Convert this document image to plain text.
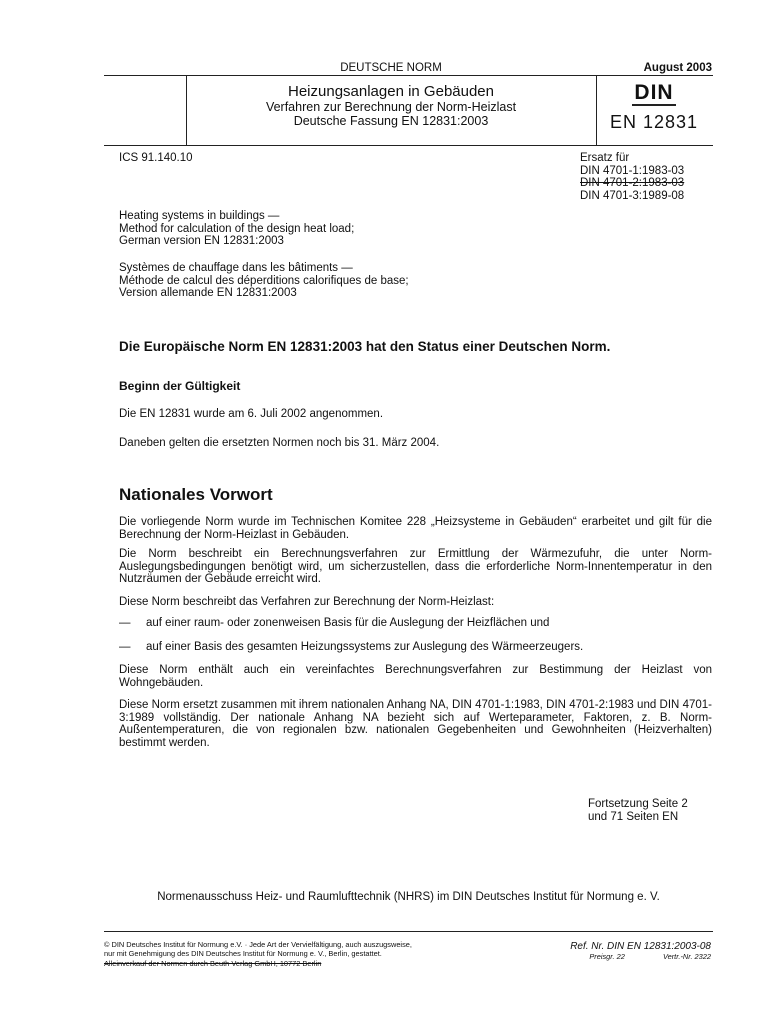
DEUTSCHE NORM	August 2003
Heizungsanlagen in Gebäuden
Verfahren zur Berechnung der Norm-Heizlast
Deutsche Fassung EN 12831:2003
DIN
EN 12831
ICS 91.140.10	Ersatz für
DIN 4701-1:1983-03
DIN 4701-2:1983-03
DIN 4701-3:1989-08
Heating systems in buildings —
Method for calculation of the design heat load;
German version EN 12831:2003
Systèmes de chauffage dans les bâtiments —
Méthode de calcul des déperditions calorifiques de base;
Version allemande EN 12831:2003
Die Europäische Norm EN 12831:2003 hat den Status einer Deutschen Norm.
Beginn der Gültigkeit
Die EN 12831 wurde am 6. Juli 2002 angenommen.
Daneben gelten die ersetzten Normen noch bis 31. März 2004.
Nationales Vorwort
Die vorliegende Norm wurde im Technischen Komitee 228 „Heizsysteme in Gebäuden“ erarbeitet und gilt für die Berechnung der Norm-Heizlast in Gebäuden.
Die Norm beschreibt ein Berechnungsverfahren zur Ermittlung der Wärmezufuhr, die unter Norm-Auslegungsbedingungen benötigt wird, um sicherzustellen, dass die erforderliche Norm-Innentemperatur in den Nutzräumen der Gebäude erreicht wird.
Diese Norm beschreibt das Verfahren zur Berechnung der Norm-Heizlast:
— auf einer raum- oder zonenweisen Basis für die Auslegung der Heizflächen und
— auf einer Basis des gesamten Heizungssystems zur Auslegung des Wärmeerzeugers.
Diese Norm enthält auch ein vereinfachtes Berechnungsverfahren zur Bestimmung der Heizlast von Wohngebäuden.
Diese Norm ersetzt zusammen mit ihrem nationalen Anhang NA, DIN 4701-1:1983, DIN 4701-2:1983 und DIN 4701-3:1989 vollständig. Der nationale Anhang NA bezieht sich auf Werteparameter, Faktoren, z. B. Norm-Außentemperaturen, die von regionalen bzw. nationalen Gegebenheiten und Gewohnheiten (Heizverhalten) bestimmt werden.
Fortsetzung Seite 2
und 71 Seiten EN
Normenausschuss Heiz- und Raumlufttechnik (NHRS) im DIN Deutsches Institut für Normung e. V.
© DIN Deutsches Institut für Normung e.V. · Jede Art der Vervielfältigung, auch auszugsweise,
nur mit Genehmigung des DIN Deutsches Institut für Normung e. V., Berlin, gestattet.
Alleinverkauf der Normen durch Beuth Verlag GmbH, 10772 Berlin
Ref. Nr. DIN EN 12831:2003-08
Preisgr. 22	Vertr.-Nr. 2322
